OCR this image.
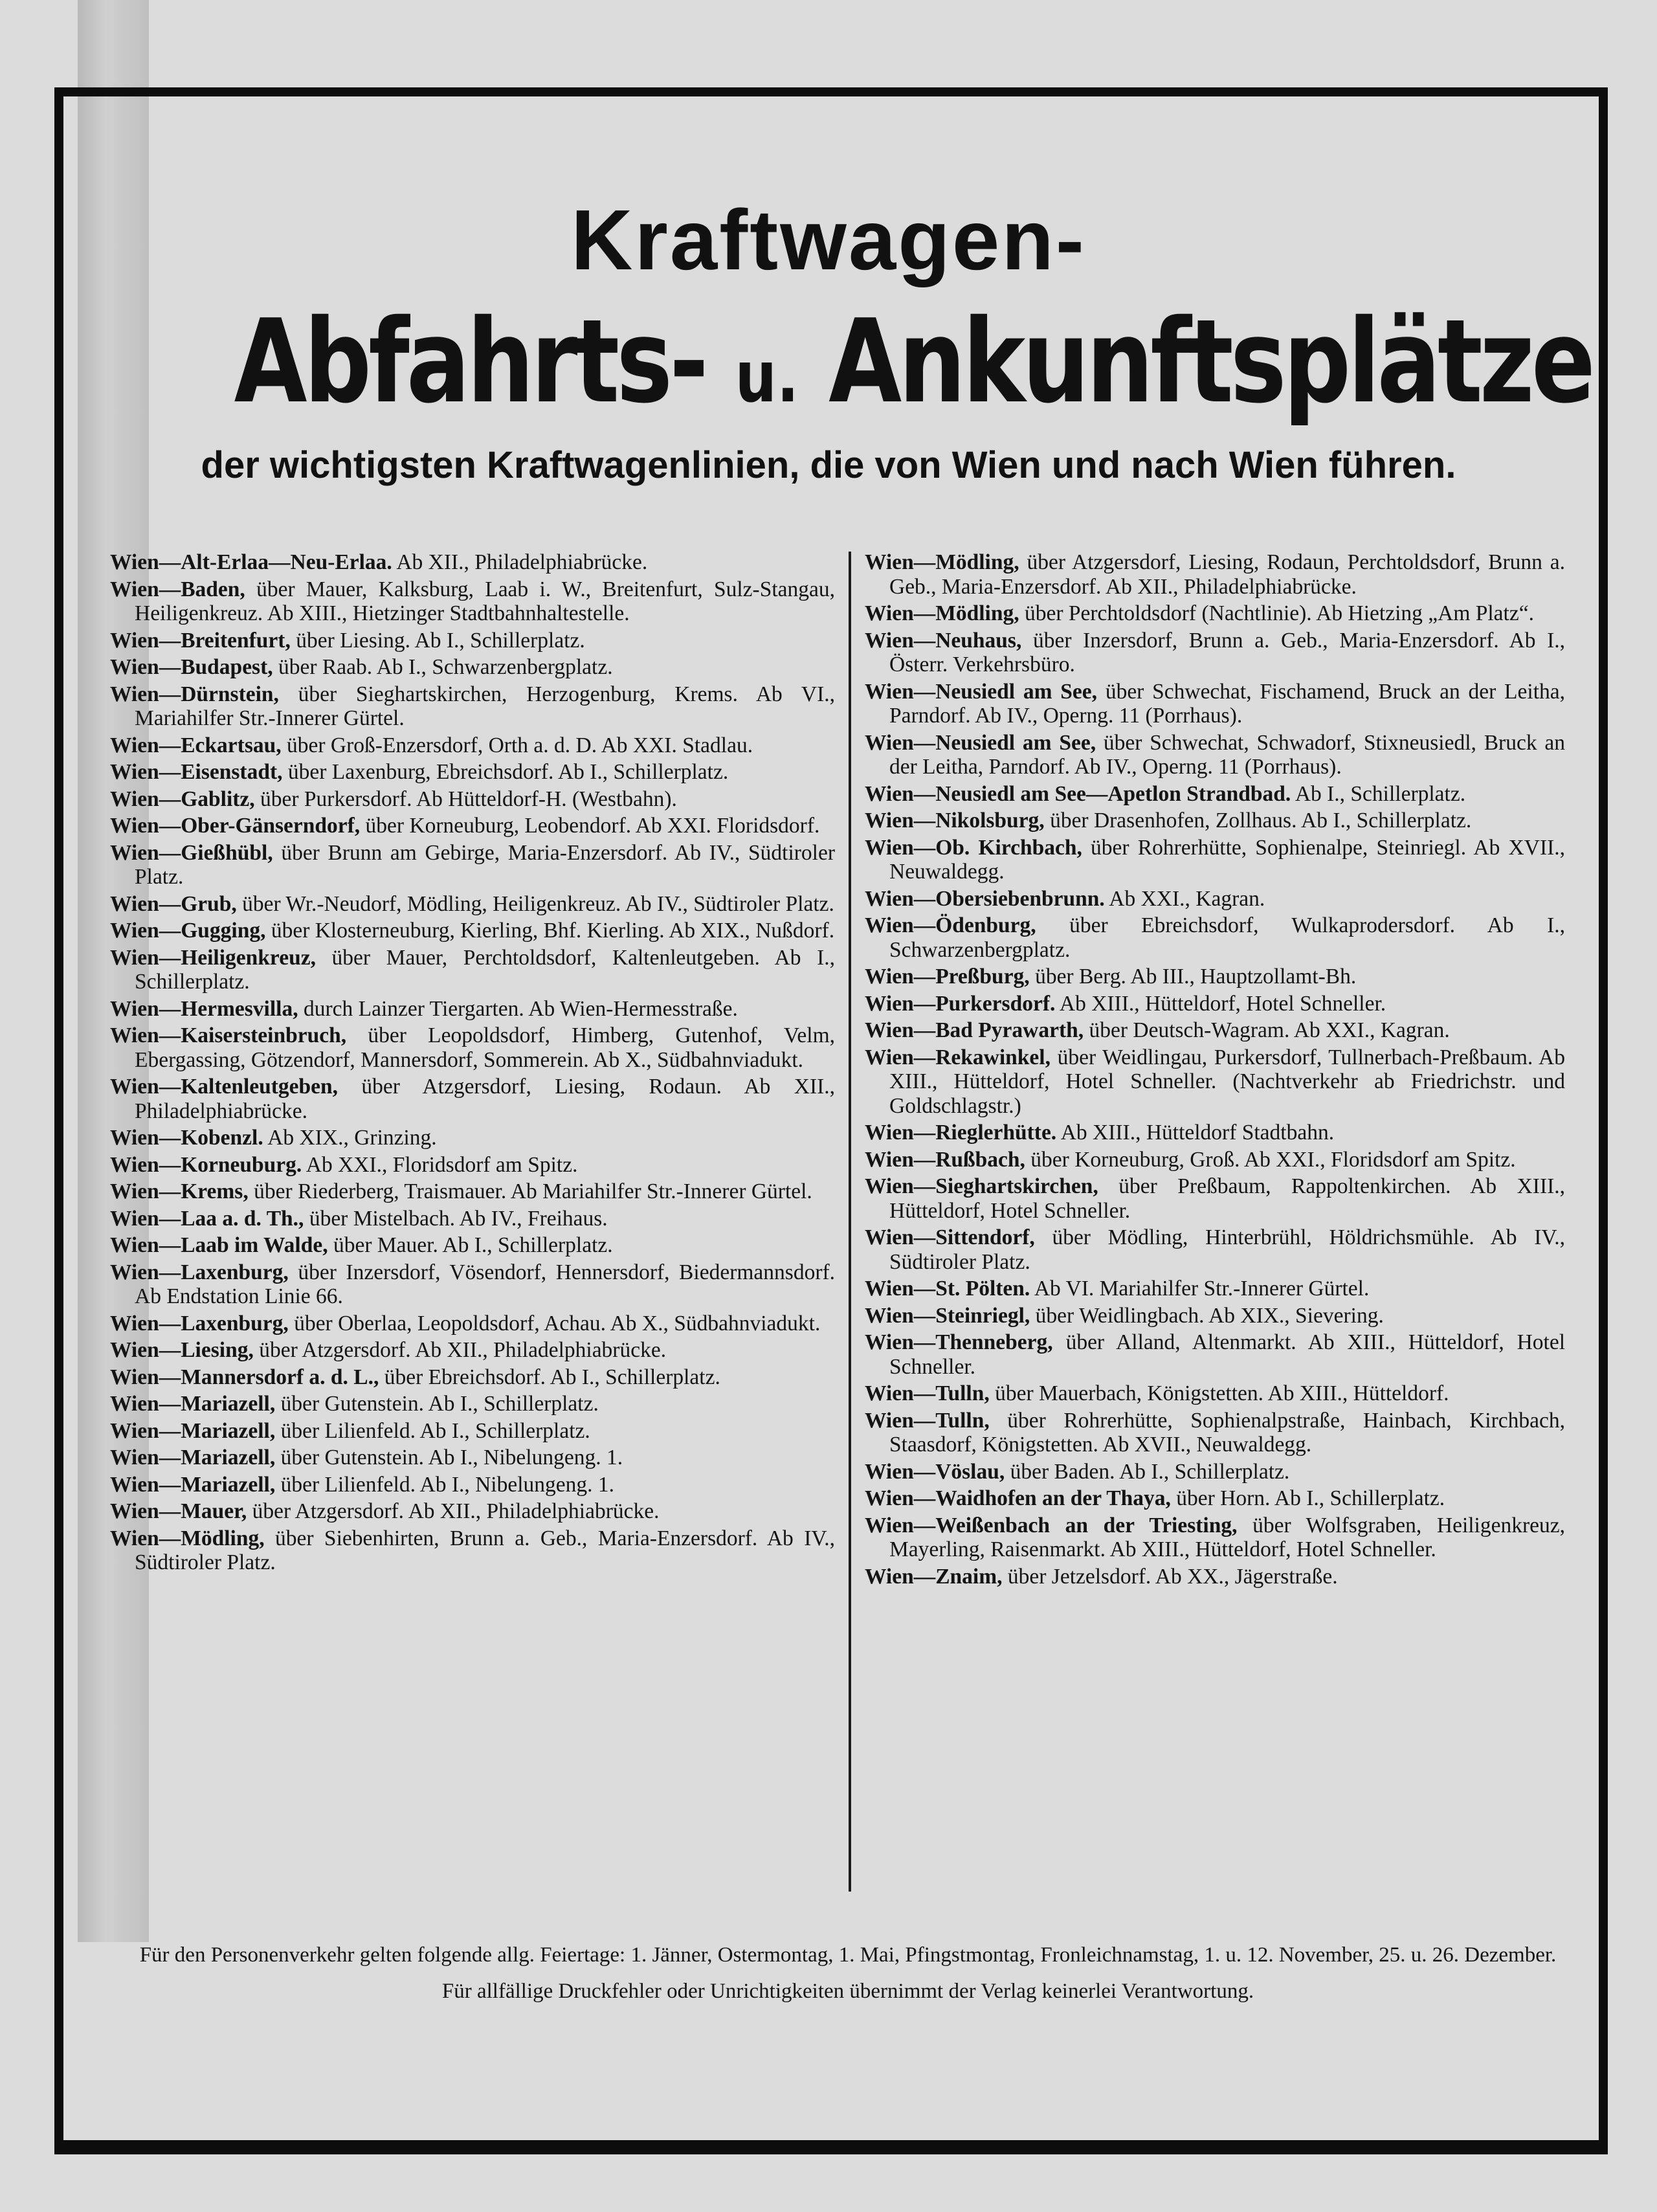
Kraftwagen-
Abfahrts- u. Ankunftsplätze
der wichtigsten Kraftwagenlinien, die von Wien und nach Wien führen.
Wien—Alt-Erlaa—Neu-Erlaa. Ab XII., Philadelphiabrücke.
Wien—Baden, über Mauer, Kalksburg, Laab i. W., Breitenfurt, Sulz-Stangau, Heiligenkreuz. Ab XIII., Hietzinger Stadtbahnhaltestelle.
Wien—Breitenfurt, über Liesing. Ab I., Schillerplatz.
Wien—Budapest, über Raab. Ab I., Schwarzenbergplatz.
Wien—Dürnstein, über Sieghartskirchen, Herzogenburg, Krems. Ab VI., Mariahilfer Str.-Innerer Gürtel.
Wien—Eckartsau, über Groß-Enzersdorf, Orth a. d. D. Ab XXI. Stadlau.
Wien—Eisenstadt, über Laxenburg, Ebreichsdorf. Ab I., Schillerplatz.
Wien—Gablitz, über Purkersdorf. Ab Hütteldorf-H. (Westbahn).
Wien—Ober-Gänserndorf, über Korneuburg, Leobendorf. Ab XXI. Floridsdorf.
Wien—Gießhübl, über Brunn am Gebirge, Maria-Enzersdorf. Ab IV., Südtiroler Platz.
Wien—Grub, über Wr.-Neudorf, Mödling, Heiligenkreuz. Ab IV., Südtiroler Platz.
Wien—Gugging, über Klosterneuburg, Kierling, Bhf. Kierling. Ab XIX., Nußdorf.
Wien—Heiligenkreuz, über Mauer, Perchtoldsdorf, Kaltenleutgeben. Ab I., Schillerplatz.
Wien—Hermesvilla, durch Lainzer Tiergarten. Ab Wien-Hermesstraße.
Wien—Kaisersteinbruch, über Leopoldsdorf, Himberg, Gutenhof, Velm, Ebergassing, Götzendorf, Mannersdorf, Sommerein. Ab X., Südbahnviadukt.
Wien—Kaltenleutgeben, über Atzgersdorf, Liesing, Rodaun. Ab XII., Philadelphiabrücke.
Wien—Kobenzl. Ab XIX., Grinzing.
Wien—Korneuburg. Ab XXI., Floridsdorf am Spitz.
Wien—Krems, über Riederberg, Traismauer. Ab Mariahilfer Str.-Innerer Gürtel.
Wien—Laa a. d. Th., über Mistelbach. Ab IV., Freihaus.
Wien—Laab im Walde, über Mauer. Ab I., Schillerplatz.
Wien—Laxenburg, über Inzersdorf, Vösendorf, Hennersdorf, Biedermannsdorf. Ab Endstation Linie 66.
Wien—Laxenburg, über Oberlaa, Leopoldsdorf, Achau. Ab X., Südbahnviadukt.
Wien—Liesing, über Atzgersdorf. Ab XII., Philadelphiabrücke.
Wien—Mannersdorf a. d. L., über Ebreichsdorf. Ab I., Schillerplatz.
Wien—Mariazell, über Gutenstein. Ab I., Schillerplatz.
Wien—Mariazell, über Lilienfeld. Ab I., Schillerplatz.
Wien—Mariazell, über Gutenstein. Ab I., Nibelungeng. 1.
Wien—Mariazell, über Lilienfeld. Ab I., Nibelungeng. 1.
Wien—Mauer, über Atzgersdorf. Ab XII., Philadelphiabrücke.
Wien—Mödling, über Siebenhirten, Brunn a. Geb., Maria-Enzersdorf. Ab IV., Südtiroler Platz.
Wien—Mödling, über Atzgersdorf, Liesing, Rodaun, Perchtoldsdorf, Brunn a. Geb., Maria-Enzersdorf. Ab XII., Philadelphiabrücke.
Wien—Mödling, über Perchtoldsdorf (Nachtlinie). Ab Hietzing „Am Platz“.
Wien—Neuhaus, über Inzersdorf, Brunn a. Geb., Maria-Enzersdorf. Ab I., Österr. Verkehrsbüro.
Wien—Neusiedl am See, über Schwechat, Fischamend, Bruck an der Leitha, Parndorf. Ab IV., Operng. 11 (Porrhaus).
Wien—Neusiedl am See, über Schwechat, Schwadorf, Stixneusiedl, Bruck an der Leitha, Parndorf. Ab IV., Operng. 11 (Porrhaus).
Wien—Neusiedl am See—Apetlon Strandbad. Ab I., Schillerplatz.
Wien—Nikolsburg, über Drasenhofen, Zollhaus. Ab I., Schillerplatz.
Wien—Ob. Kirchbach, über Rohrerhütte, Sophienalpe, Steinriegl. Ab XVII., Neuwaldegg.
Wien—Obersiebenbrunn. Ab XXI., Kagran.
Wien—Ödenburg, über Ebreichsdorf, Wulkaprodersdorf. Ab I., Schwarzenbergplatz.
Wien—Preßburg, über Berg. Ab III., Hauptzollamt-Bh.
Wien—Purkersdorf. Ab XIII., Hütteldorf, Hotel Schneller.
Wien—Bad Pyrawarth, über Deutsch-Wagram. Ab XXI., Kagran.
Wien—Rekawinkel, über Weidlingau, Purkersdorf, Tullnerbach-Preßbaum. Ab XIII., Hütteldorf, Hotel Schneller. (Nachtverkehr ab Friedrichstr. und Goldschlagstr.)
Wien—Rieglerhütte. Ab XIII., Hütteldorf Stadtbahn.
Wien—Rußbach, über Korneuburg, Groß. Ab XXI., Floridsdorf am Spitz.
Wien—Sieghartskirchen, über Preßbaum, Rappoltenkirchen. Ab XIII., Hütteldorf, Hotel Schneller.
Wien—Sittendorf, über Mödling, Hinterbrühl, Höldrichsmühle. Ab IV., Südtiroler Platz.
Wien—St. Pölten. Ab VI. Mariahilfer Str.-Innerer Gürtel.
Wien—Steinriegl, über Weidlingbach. Ab XIX., Sievering.
Wien—Thenneberg, über Alland, Altenmarkt. Ab XIII., Hütteldorf, Hotel Schneller.
Wien—Tulln, über Mauerbach, Königstetten. Ab XIII., Hütteldorf.
Wien—Tulln, über Rohrerhütte, Sophienalpstraße, Hainbach, Kirchbach, Staasdorf, Königstetten. Ab XVII., Neuwaldegg.
Wien—Vöslau, über Baden. Ab I., Schillerplatz.
Wien—Waidhofen an der Thaya, über Horn. Ab I., Schillerplatz.
Wien—Weißenbach an der Triesting, über Wolfsgraben, Heiligenkreuz, Mayerling, Raisenmarkt. Ab XIII., Hütteldorf, Hotel Schneller.
Wien—Znaim, über Jetzelsdorf. Ab XX., Jägerstraße.

Für den Personenverkehr gelten folgende allg. Feiertage: 1. Jänner, Ostermontag, 1. Mai, Pfingstmontag, Fronleichnamstag, 1. u. 12. November, 25. u. 26. Dezember.

Für allfällige Druckfehler oder Unrichtigkeiten übernimmt der Verlag keinerlei Verantwortung.
